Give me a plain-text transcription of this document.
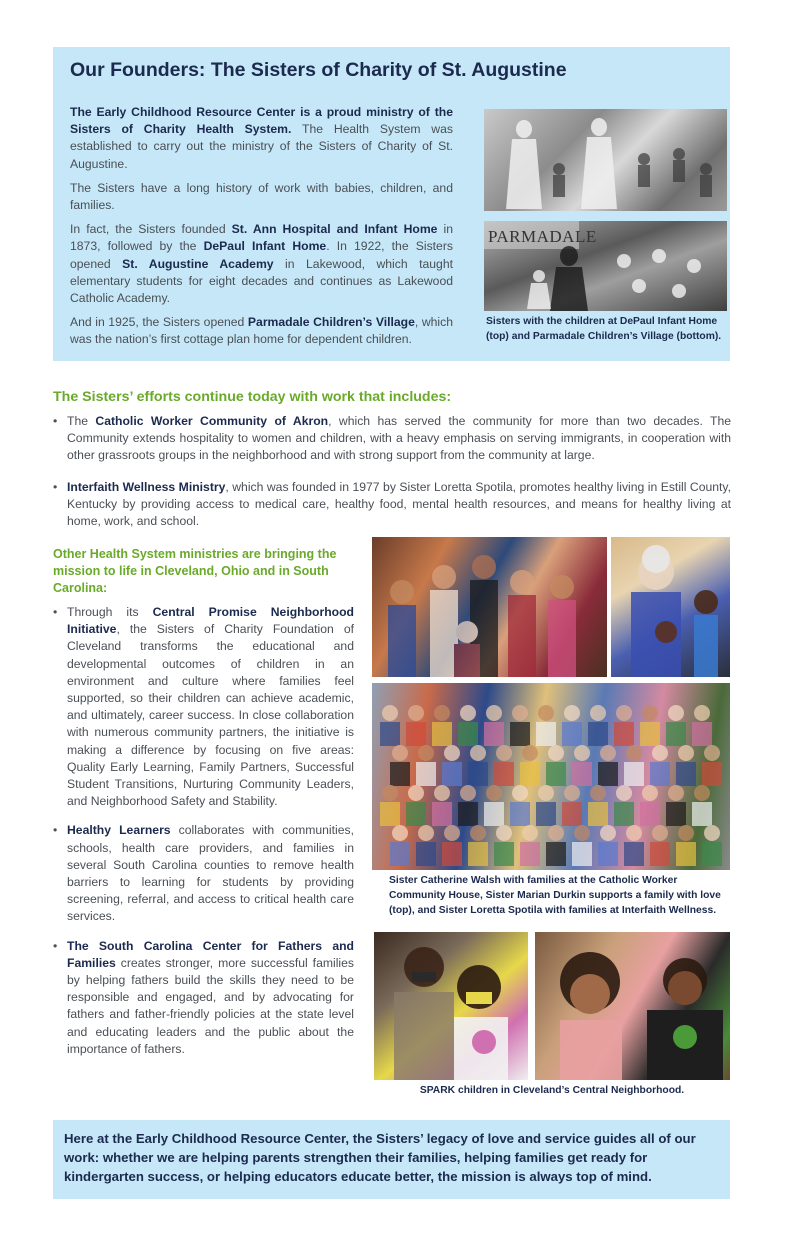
Our Founders: The Sisters of Charity of St. Augustine

The Early Childhood Resource Center is a proud ministry of the Sisters of Charity Health System. The Health System was established to carry out the ministry of the Sisters of Charity of St. Augustine.

The Sisters have a long history of work with babies, children, and families.

In fact, the Sisters founded St. Ann Hospital and Infant Home in 1873, followed by the DePaul Infant Home. In 1922, the Sisters opened St. Augustine Academy in Lakewood, which taught elementary students for eight decades and continues as Lakewood Catholic Academy.

And in 1925, the Sisters opened Parmadale Children’s Village, which was the nation’s first cottage plan home for dependent children.

PARMADALE
Sisters with the children at DePaul Infant Home (top) and Parmadale Children’s Village (bottom).
The Sisters’ efforts continue today with work that includes:
• The Catholic Worker Community of Akron, which has served the community for more than two decades. The Community extends hospitality to women and children, with a heavy emphasis on serving immigrants, in cooperation with other grassroots groups in the neighborhood and with strong support from the community at large.
• Interfaith Wellness Ministry, which was founded in 1977 by Sister Loretta Spotila, promotes healthy living in Estill County, Kentucky by providing access to medical care, healthy food, mental health resources, and means for healthy living at home, work, and school.
Other Health System ministries are bringing the mission to life in Cleveland, Ohio and in South Carolina:
• Through its Central Promise Neighborhood Initiative, the Sisters of Charity Foundation of Cleveland transforms the educational and developmental outcomes of children in an environment and culture where families feel supported, so their children can achieve academic, and ultimately, career success. In close collaboration with numerous community partners, the initiative is making a difference by focusing on five areas: Quality Early Learning, Family Partners, Successful Student Transitions, Nurturing Community Leaders, and Neighborhood Safety and Stability.
• Healthy Learners collaborates with communities, schools, health care providers, and families in several South Carolina counties to remove health barriers to learning for students by providing screening, referral, and access to critical health care services.
• The South Carolina Center for Fathers and Families creates stronger, more successful families by helping fathers build the skills they need to be responsible and engaged, and by advocating for fathers and father-friendly policies at the state level and educating leaders and the public about the importance of fathers.
Sister Catherine Walsh with families at the Catholic Worker Community House, Sister Marian Durkin supports a family with love (top), and Sister Loretta Spotila with families at Interfaith Wellness.
SPARK children in Cleveland’s Central Neighborhood.

Here at the Early Childhood Resource Center, the Sisters’ legacy of love and service guides all of our work: whether we are helping parents strengthen their families, helping families get ready for kindergarten success, or helping educators educate better, the mission is always top of mind.
